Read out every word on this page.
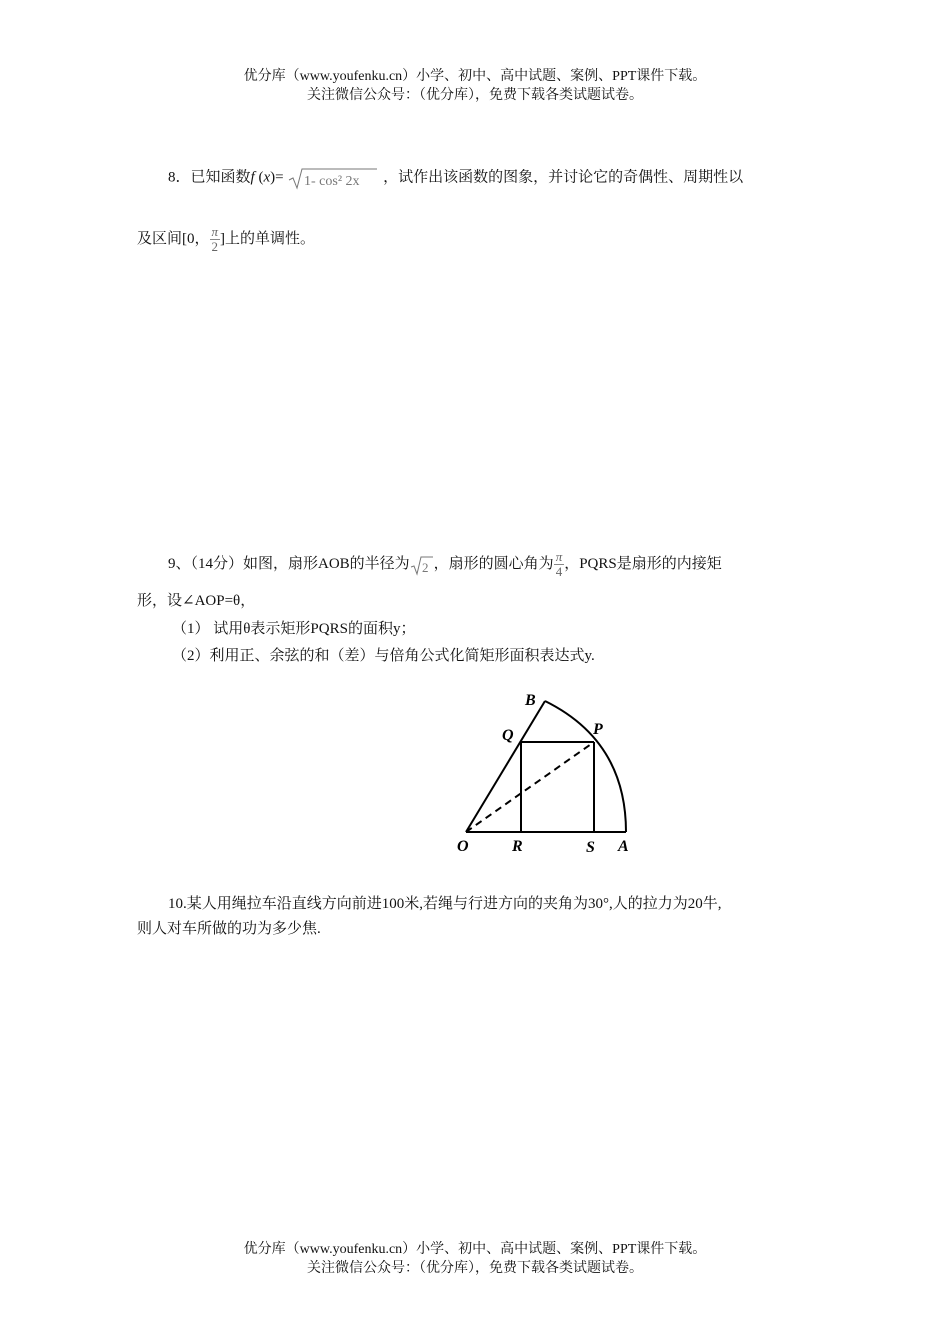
优分库（www.youfenku.cn）小学、初中、高中试题、案例、PPT课件下载。
关注微信公众号：（优分库），免费下载各类试题试卷。
8．已知函数f (x)= 1- cos² 2x ，试作出该函数的图象，并讨论它的奇偶性、周期性以
及区间[0， $\frac{\pi}{2}$ ]上的单调性。
9、（14分）如图，扇形AOB的半径为 2 ，扇形的圆心角为 $\frac{\pi}{4}$ ，PQRS是扇形的内接矩
形，设∠AOP=θ，
（1） 试用θ表示矩形PQRS的面积y；
（2）利用正、余弦的和（差）与倍角公式化简矩形面积表达式y.
B
Q	P
O	R	S A
10.某人用绳拉车沿直线方向前进100米,若绳与行进方向的夹角为30°,人的拉力为20牛,
则人对车所做的功为多少焦.
优分库（www.youfenku.cn）小学、初中、高中试题、案例、PPT课件下载。
关注微信公众号：（优分库），免费下载各类试题试卷。
